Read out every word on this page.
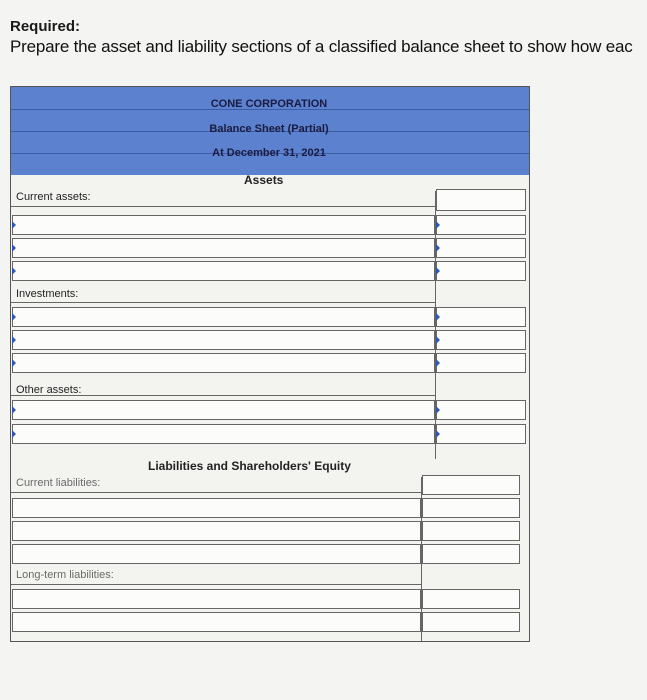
Required:
Prepare the asset and liability sections of a classified balance sheet to show how eac
CONE CORPORATION
Balance Sheet (Partial)
At December 31, 2021
Assets
Current assets:
Investments:
Other assets:
Liabilities and Shareholders' Equity
Current liabilities:
Long-term liabilities:
